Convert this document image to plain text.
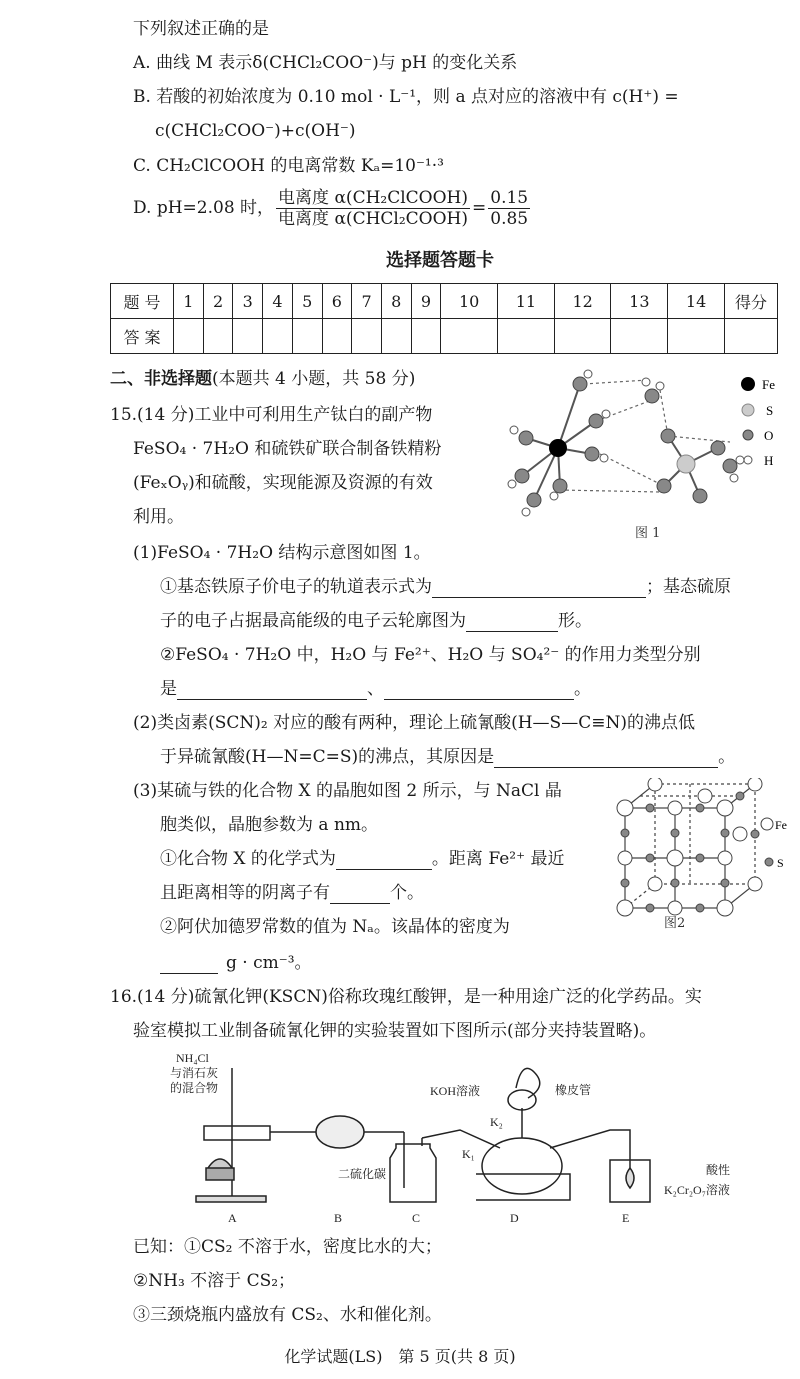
下列叙述正确的是
A. 曲线 M 表示δ(CHCl₂COO⁻)与 pH 的变化关系
B. 若酸的初始浓度为 0.10 mol · L⁻¹，则 a 点对应的溶液中有 c(H⁺) =
c(CHCl₂COO⁻)+c(OH⁻)
C. CH₂ClCOOH 的电离常数 Kₐ=10⁻¹·³
D. pH=2.08 时， $\frac{\text{电离度 α(CH₂ClCOOH)}}{\text{电离度 α(CHCl₂COOH)}} = \frac{0.15}{0.85}$
选择题答题卡
题 号	1	2	3	4	5	6	7	8	9	10	11	12	13	14	得分
答 案															
二、非选择题(本题共 4 小题，共 58 分)
15.(14 分)工业中可利用生产钛白的副产物
FeSO₄ · 7H₂O 和硫铁矿联合制备铁精粉
(FeₓOᵧ)和硫酸，实现能源及资源的有效
利用。
Fe
S
O
H
图 1
(1)FeSO₄ · 7H₂O 结构示意图如图 1。
①基态铁原子价电子的轨道表示式为	；基态硫原
子的电子占据最高能级的电子云轮廓图为	形。
②FeSO₄ · 7H₂O 中，H₂O 与 Fe²⁺、H₂O 与 SO₄²⁻ 的作用力类型分别
是	、	。
(2)类卤素(SCN)₂ 对应的酸有两种，理论上硫氰酸(H—S—C≡N)的沸点低
于异硫氰酸(H—N=C=S)的沸点，其原因是	。
(3)某硫与铁的化合物 X 的晶胞如图 2 所示，与 NaCl 晶
胞类似，晶胞参数为 a nm。
①化合物 X 的化学式为	。距离 Fe²⁺ 最近
且距离相等的阴离子有	个。
②阿伏加德罗常数的值为 Nₐ。该晶体的密度为
g · cm⁻³。
Fe
S
图2
16.(14 分)硫氰化钾(KSCN)俗称玫瑰红酸钾，是一种用途广泛的化学药品。实
验室模拟工业制备硫氰化钾的实验装置如下图所示(部分夹持装置略)。
NH₄Cl
与消石灰
的混合物	KOH溶液	橡皮管
K₂
K₁
二硫化碳	酸性
K₂Cr₂O₇溶液
A	B	C	D	E
已知：①CS₂ 不溶于水，密度比水的大；
②NH₃ 不溶于 CS₂；
③三颈烧瓶内盛放有 CS₂、水和催化剂。
化学试题(LS)　第 5 页(共 8 页)
